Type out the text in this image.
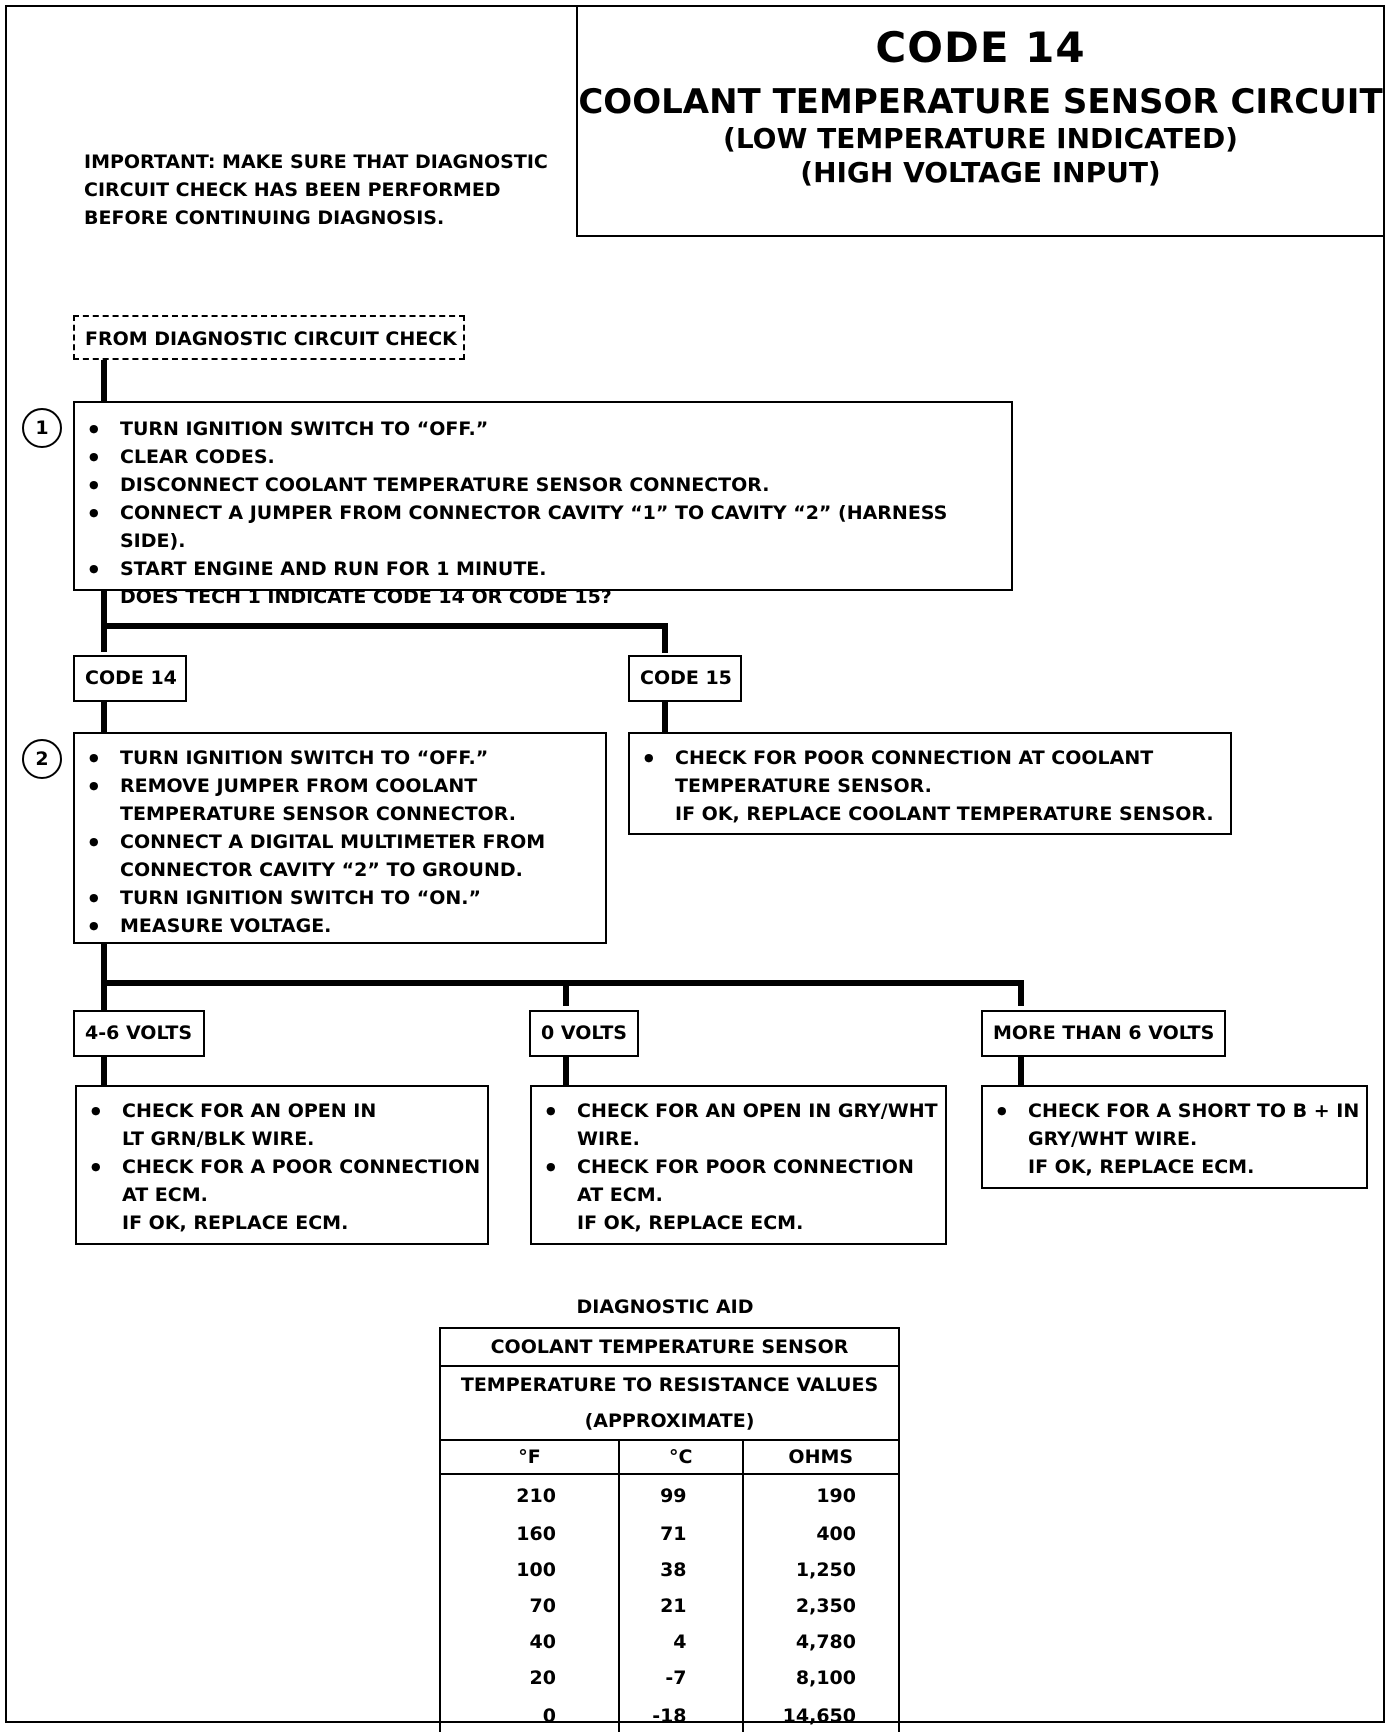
CODE 14
COOLANT TEMPERATURE SENSOR CIRCUIT
(LOW TEMPERATURE INDICATED)
(HIGH VOLTAGE INPUT)
IMPORTANT: MAKE SURE THAT DIAGNOSTIC
CIRCUIT CHECK HAS BEEN PERFORMED
BEFORE CONTINUING DIAGNOSIS.
FROM DIAGNOSTIC CIRCUIT CHECK
1	● TURN IGNITION SWITCH TO “OFF.”
● CLEAR CODES.
● DISCONNECT COOLANT TEMPERATURE SENSOR CONNECTOR.
● CONNECT A JUMPER FROM CONNECTOR CAVITY “1” TO CAVITY “2” (HARNESS SIDE).
● START ENGINE AND RUN FOR 1 MINUTE.
DOES TECH 1 INDICATE CODE 14 OR CODE 15?
CODE 14	CODE 15
2	● TURN IGNITION SWITCH TO “OFF.”
● REMOVE JUMPER FROM COOLANT
TEMPERATURE SENSOR CONNECTOR.
● CONNECT A DIGITAL MULTIMETER FROM
CONNECTOR CAVITY “2” TO GROUND.
● TURN IGNITION SWITCH TO “ON.”
● MEASURE VOLTAGE.
● CHECK FOR POOR CONNECTION AT COOLANT
TEMPERATURE SENSOR.
IF OK, REPLACE COOLANT TEMPERATURE SENSOR.
4-6 VOLTS	0 VOLTS	MORE THAN 6 VOLTS
● CHECK FOR AN OPEN IN
LT GRN/BLK WIRE.
● CHECK FOR A POOR CONNECTION
AT ECM.
IF OK, REPLACE ECM.
● CHECK FOR AN OPEN IN GRY/WHT
WIRE.
● CHECK FOR POOR CONNECTION
AT ECM.
IF OK, REPLACE ECM.
● CHECK FOR A SHORT TO B + IN
GRY/WHT WIRE.
IF OK, REPLACE ECM.
DIAGNOSTIC AID
COOLANT TEMPERATURE SENSOR		

TEMPERATURE TO RESISTANCE VALUES
(APPROXIMATE)		

°F	°C	OHMS
210	99	190
160	71	400
100	38	1,250
70	21	2,350
40	4	4,780
20	-7	8,100
0	-18	14,650
